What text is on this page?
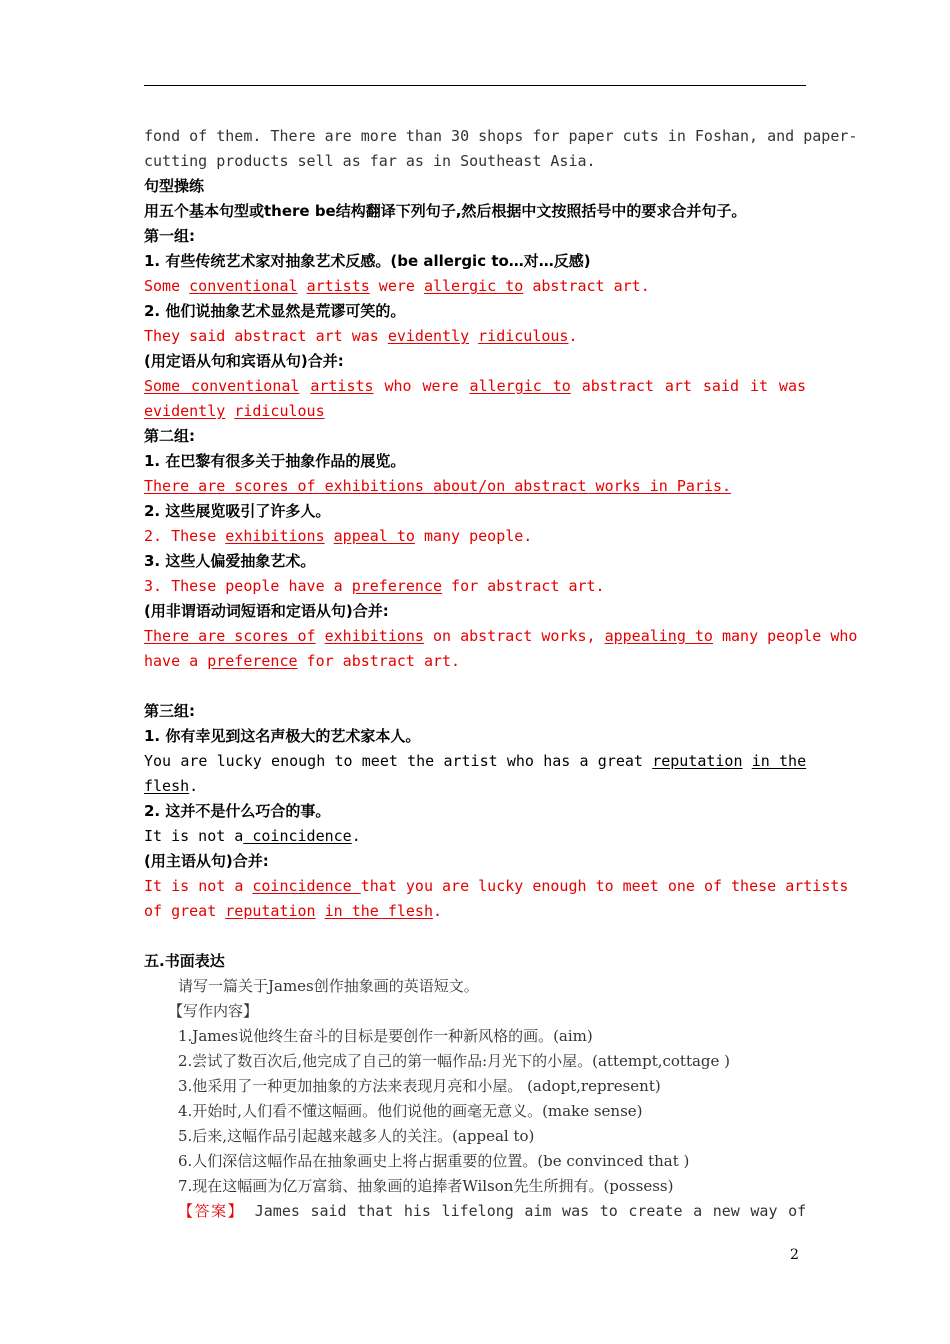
fond of them. There are more than 30 shops for paper cuts in Foshan, and paper-
cutting products sell as far as in Southeast Asia.
句型操练
用五个基本句型或there be结构翻译下列句子,然后根据中文按照括号中的要求合并句子。
第一组:
1. 有些传统艺术家对抽象艺术反感。(be allergic to…对…反感)
Some conventional artists were allergic to abstract art.
2. 他们说抽象艺术显然是荒谬可笑的。
They said abstract art was evidently ridiculous.
(用定语从句和宾语从句)合并:
Some conventional artists who were allergic to abstract art said it was
evidently ridiculous
第二组:
1. 在巴黎有很多关于抽象作品的展览。
There are scores of exhibitions about/on abstract works in Paris.
2. 这些展览吸引了许多人。
2. These exhibitions appeal to many people.
3. 这些人偏爱抽象艺术。
3. These people have a preference for abstract art.
(用非谓语动词短语和定语从句)合并:
There are scores of exhibitions on abstract works, appealing to many people who
have a preference for abstract art.
第三组:
1. 你有幸见到这名声极大的艺术家本人。
You are lucky enough to meet the artist who has a great reputation in the
flesh.
2. 这并不是什么巧合的事。
It is not a coincidence.
(用主语从句)合并:
It is not a coincidence that you are lucky enough to meet one of these artists
of great reputation in the flesh.
五.书面表达
请写一篇关于James创作抽象画的英语短文。
【写作内容】
1.James说他终生奋斗的目标是要创作一种新风格的画。(aim)
2.尝试了数百次后,他完成了自己的第一幅作品:月光下的小屋。(attempt,cottage )
3.他采用了一种更加抽象的方法来表现月亮和小屋。 (adopt,represent)
4.开始时,人们看不懂这幅画。他们说他的画毫无意义。(make sense)
5.后来,这幅作品引起越来越多人的关注。(appeal to)
6.人们深信这幅作品在抽象画史上将占据重要的位置。(be convinced that )
7.现在这幅画为亿万富翁、抽象画的追捧者Wilson先生所拥有。(possess)
【答案】 James said that his lifelong aim was to create a new way of
2
